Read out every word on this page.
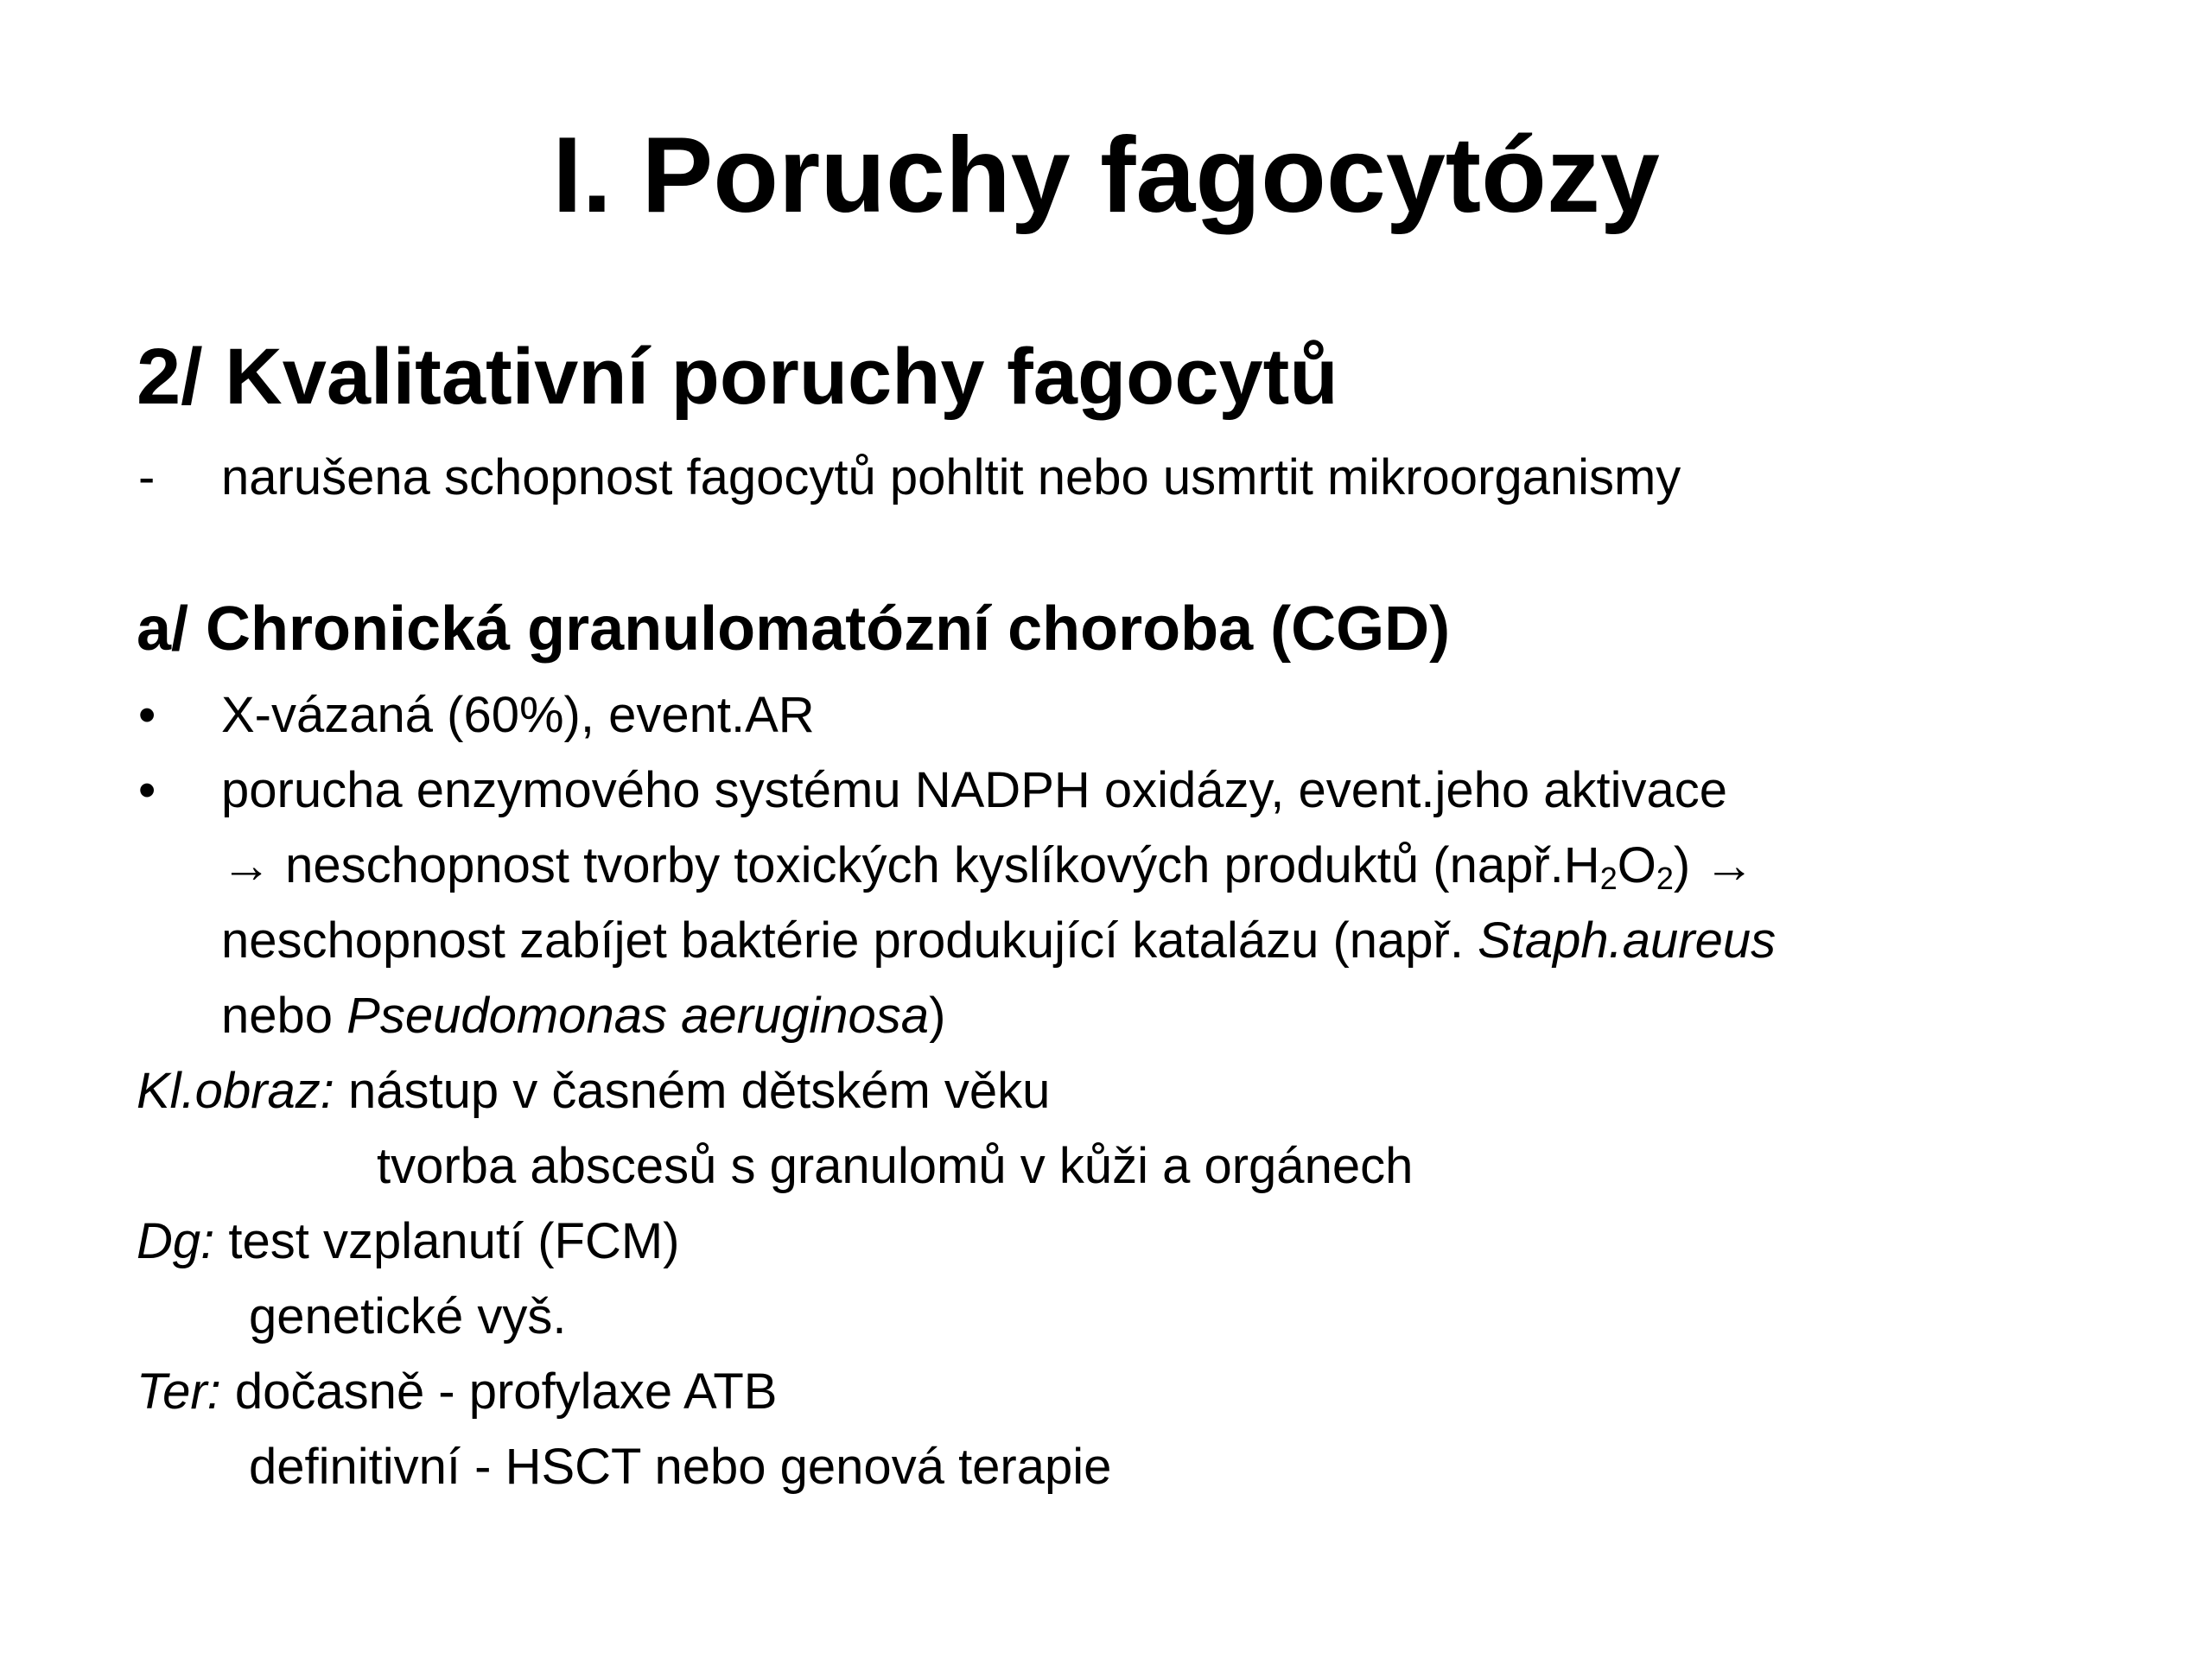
I. Poruchy fagocytózy
2/ Kvalitativní poruchy fagocytů
- narušena schopnost fagocytů pohltit nebo usmrtit mikroorganismy
a/ Chronická granulomatózní choroba (CGD)
• X-vázaná (60%), event.AR
• porucha enzymového systému NADPH oxidázy, event.jeho aktivace
→ neschopnost tvorby toxických kyslíkových produktů $(např.H_2O_2)$ →
neschopnost zabíjet baktérie produkující katalázu (např. Staph.aureus
nebo Pseudomonas aeruginosa)
Kl.obraz: nástup v časném dětském věku
tvorba abscesů s granulomů v kůži a orgánech
Dg: test vzplanutí (FCM)
genetické vyš.
Ter: dočasně - profylaxe ATB
definitivní - HSCT nebo genová terapie
